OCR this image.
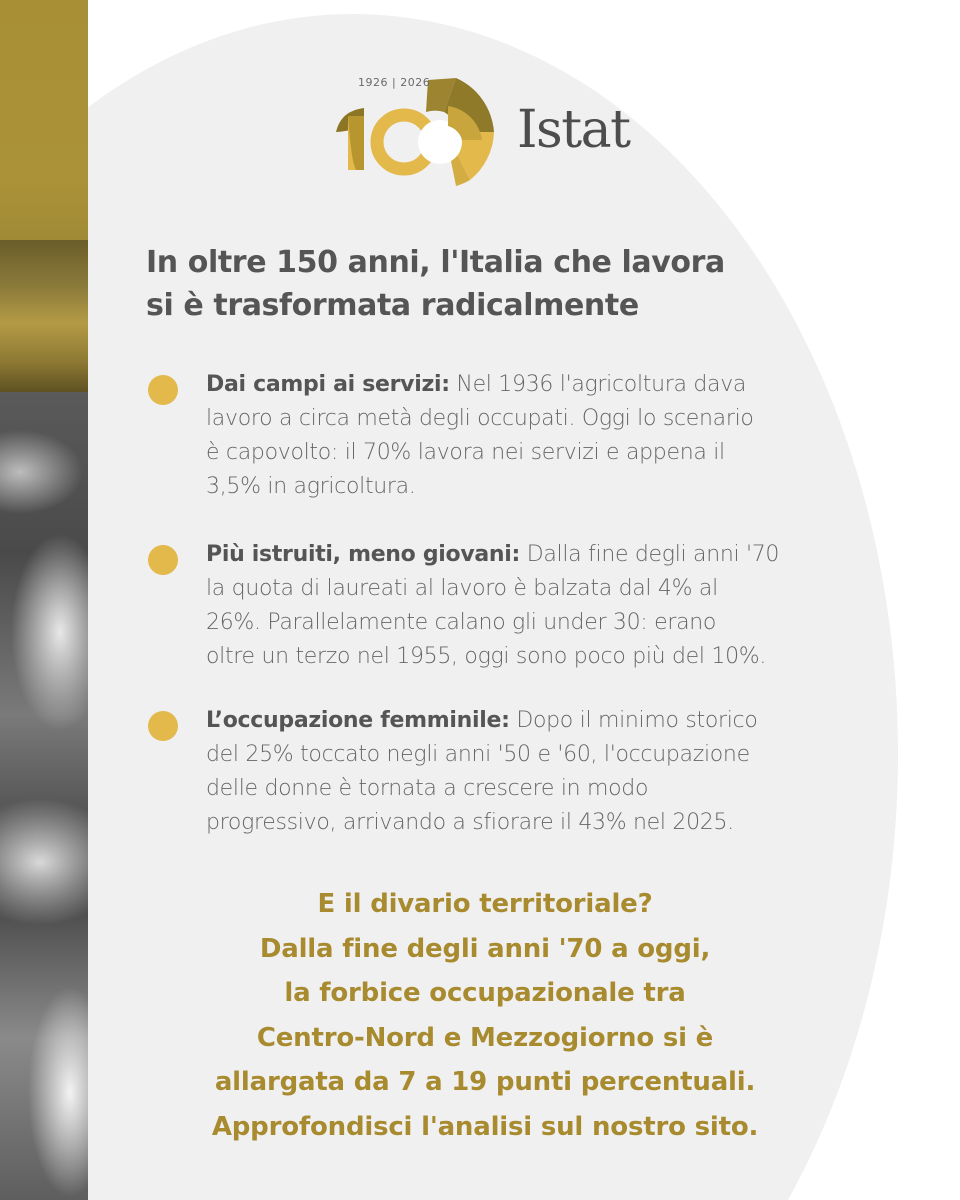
1926 | 2026
Istat
In oltre 150 anni, l'Italia che lavora
si è trasformata radicalmente
Dai campi ai servizi: Nel 1936 l'agricoltura dava
lavoro a circa metà degli occupati. Oggi lo scenario
è capovolto: il 70% lavora nei servizi e appena il
3,5% in agricoltura.
Più istruiti, meno giovani: Dalla fine degli anni '70
la quota di laureati al lavoro è balzata dal 4% al
26%. Parallelamente calano gli under 30: erano
oltre un terzo nel 1955, oggi sono poco più del 10%.
L’occupazione femminile: Dopo il minimo storico
del 25% toccato negli anni '50 e '60, l'occupazione
delle donne è tornata a crescere in modo
progressivo, arrivando a sfiorare il 43% nel 2025.
E il divario territoriale?
Dalla fine degli anni '70 a oggi,
la forbice occupazionale tra
Centro-Nord e Mezzogiorno si è
allargata da 7 a 19 punti percentuali.
Approfondisci l'analisi sul nostro sito.
